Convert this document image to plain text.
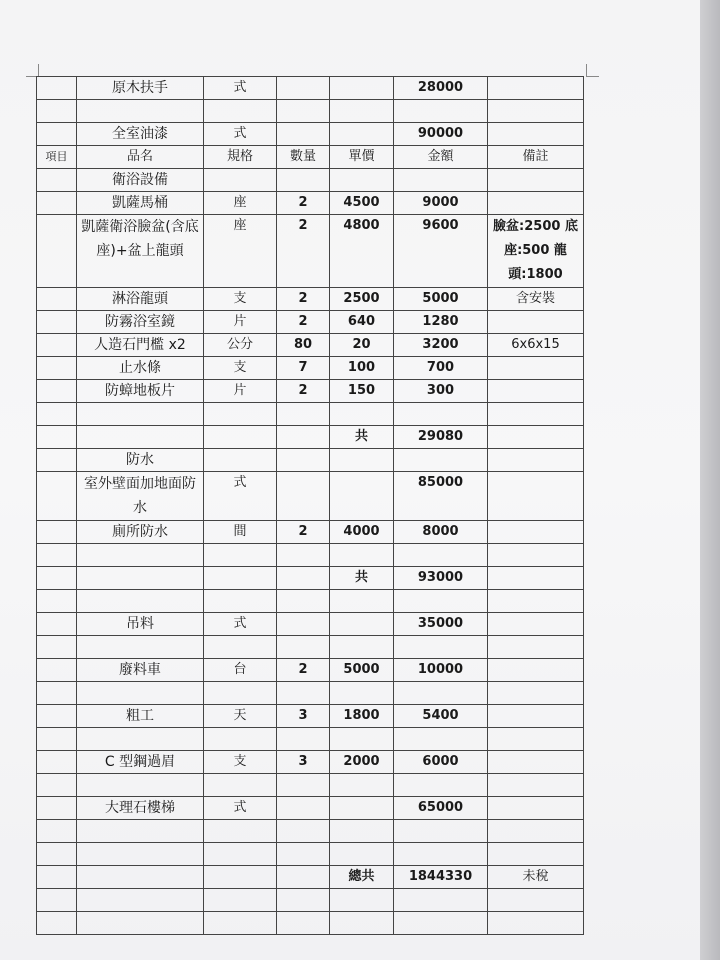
	原木扶手	式			28000	

	全室油漆	式			90000	
項目	品名	規格	數量	單價	金額	備註
	衛浴設備					
	凱薩馬桶	座	2	4500	9000	
	凱薩衛浴臉盆(含底座)+盆上龍頭	座	2	4800	9600	臉盆:2500 底座:500 龍頭:1800
	淋浴龍頭	支	2	2500	5000	含安裝
	防霧浴室鏡	片	2	640	1280	
	人造石門檻 x2	公分	80	20	3200	6x6x15
	止水條	支	7	100	700	
	防蟑地板片	片	2	150	300	

				共	29080	
	防水					
	室外壁面加地面防水	式			85000	
	廁所防水	間	2	4000	8000	

				共	93000	

	吊料	式			35000	

	廢料車	台	2	5000	10000	

	粗工	天	3	1800	5400	

	C 型鋼過眉	支	3	2000	6000	

	大理石樓梯	式			65000	

				總共	1844330	未稅
